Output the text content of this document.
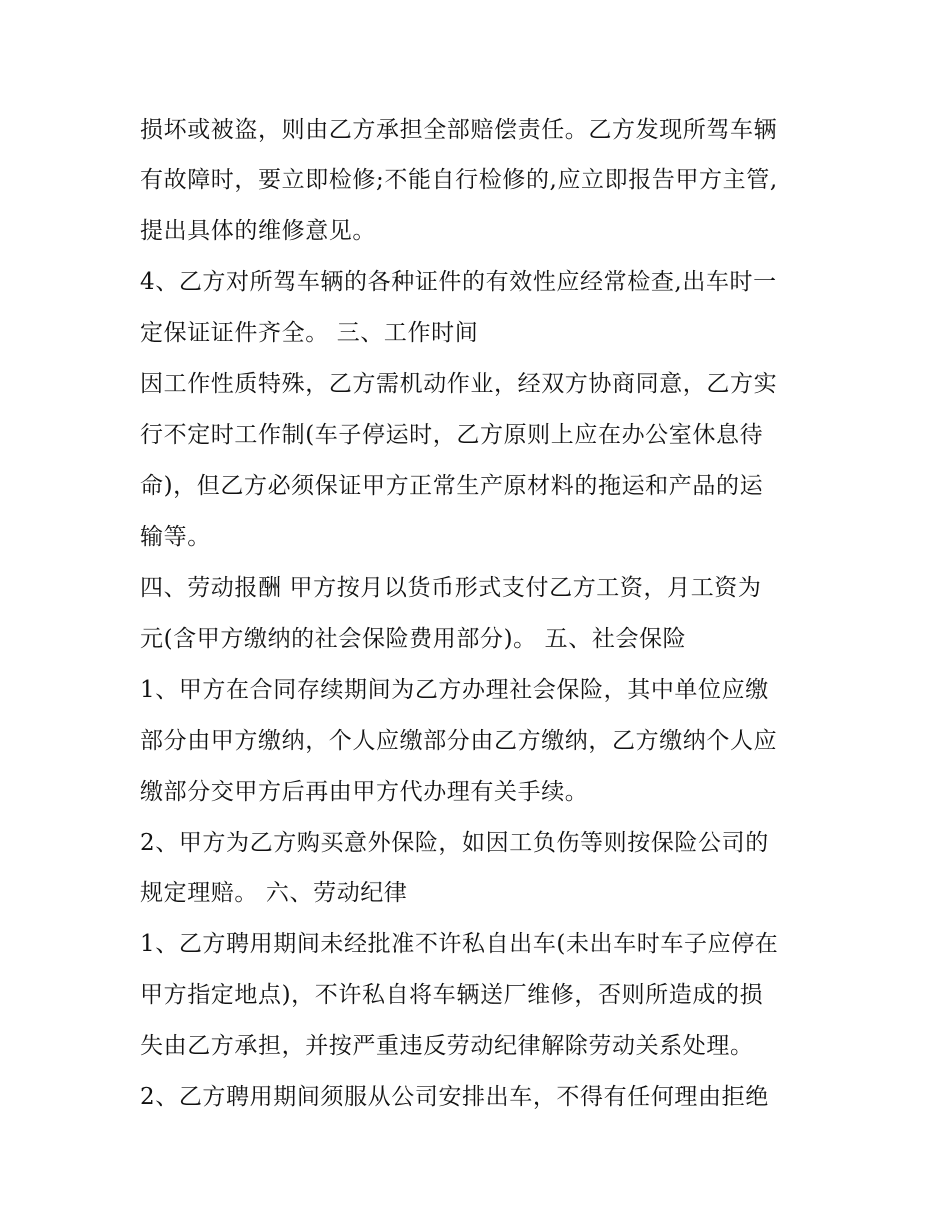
损坏或被盗，则由乙方承担全部赔偿责任。乙方发现所驾车辆

有故障时，要立即检修;不能自行检修的,应立即报告甲方主管,

提出具体的维修意见。

4、乙方对所驾车辆的各种证件的有效性应经常检查,出车时一

定保证证件齐全。 三、工作时间

因工作性质特殊，乙方需机动作业，经双方协商同意，乙方实

行不定时工作制(车子停运时，乙方原则上应在办公室休息待

命)，但乙方必须保证甲方正常生产原材料的拖运和产品的运

输等。

四、劳动报酬 甲方按月以货币形式支付乙方工资，月工资为

元(含甲方缴纳的社会保险费用部分)。 五、社会保险

1、甲方在合同存续期间为乙方办理社会保险，其中单位应缴

部分由甲方缴纳，个人应缴部分由乙方缴纳，乙方缴纳个人应

缴部分交甲方后再由甲方代办理有关手续。

2、甲方为乙方购买意外保险，如因工负伤等则按保险公司的

规定理赔。 六、劳动纪律

1、乙方聘用期间未经批准不许私自出车(未出车时车子应停在

甲方指定地点)，不许私自将车辆送厂维修，否则所造成的损

失由乙方承担，并按严重违反劳动纪律解除劳动关系处理。

2、乙方聘用期间须服从公司安排出车，不得有任何理由拒绝
